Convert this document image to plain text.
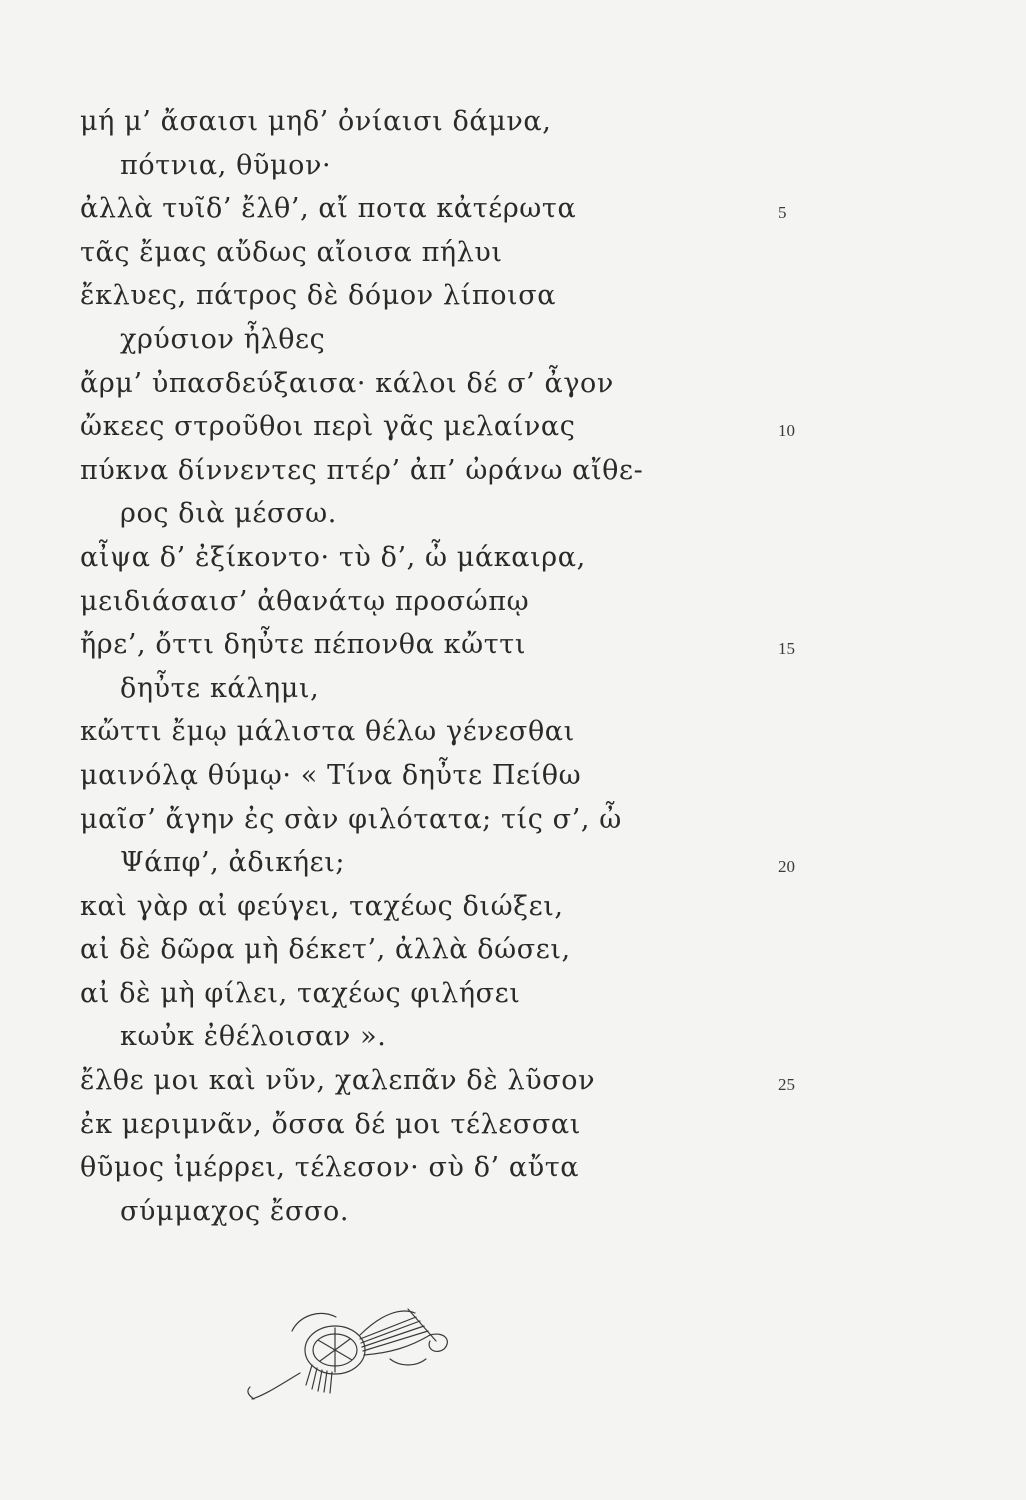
μή μ’ ἄσαισι μηδ’ ὀνίαισι δάμνα,
πότνια, θῦμον·
ἀλλὰ τυῖδ’ ἔλθ’, αἴ ποτα κἀτέρωτα	5
τᾶς ἔμας αὔδως αἴοισα πήλυι
ἔκλυες, πάτρος δὲ δόμον λίποισα
χρύσιον ἦλθες
ἄρμ’ ὐπασδεύξαισα· κάλοι δέ σ’ ἆγον
ὤκεες στροῦθοι περὶ γᾶς μελαίνας	10
πύκνα δίννεντες πτέρ’ ἀπ’ ὠράνω αἴθε-
ρος διὰ μέσσω.
αἶψα δ’ ἐξίκοντο· τὺ δ’, ὦ μάκαιρα,
μειδιάσαισ’ ἀθανάτῳ προσώπῳ
ἤρε’, ὄττι δηὖτε πέπονθα κὤττι	15
δηὖτε κάλημι,
κὤττι ἔμῳ μάλιστα θέλω γένεσθαι
μαινόλᾳ θύμῳ· « Τίνα δηὖτε Πείθω
μαῖσ’ ἄγην ἐς σὰν φιλότατα; τίς σ’, ὦ
Ψάπφ’, ἀδικήει;	20
καὶ γὰρ αἰ φεύγει, ταχέως διώξει,
αἰ δὲ δῶρα μὴ δέκετ’, ἀλλὰ δώσει,
αἰ δὲ μὴ φίλει, ταχέως φιλήσει
κωὐκ ἐθέλοισαν ».
ἔλθε μοι καὶ νῦν, χαλεπᾶν δὲ λῦσον	25
ἐκ μεριμνᾶν, ὄσσα δέ μοι τέλεσσαι
θῦμος ἰμέρρει, τέλεσον· σὺ δ’ αὔτα
σύμμαχος ἔσσο.
